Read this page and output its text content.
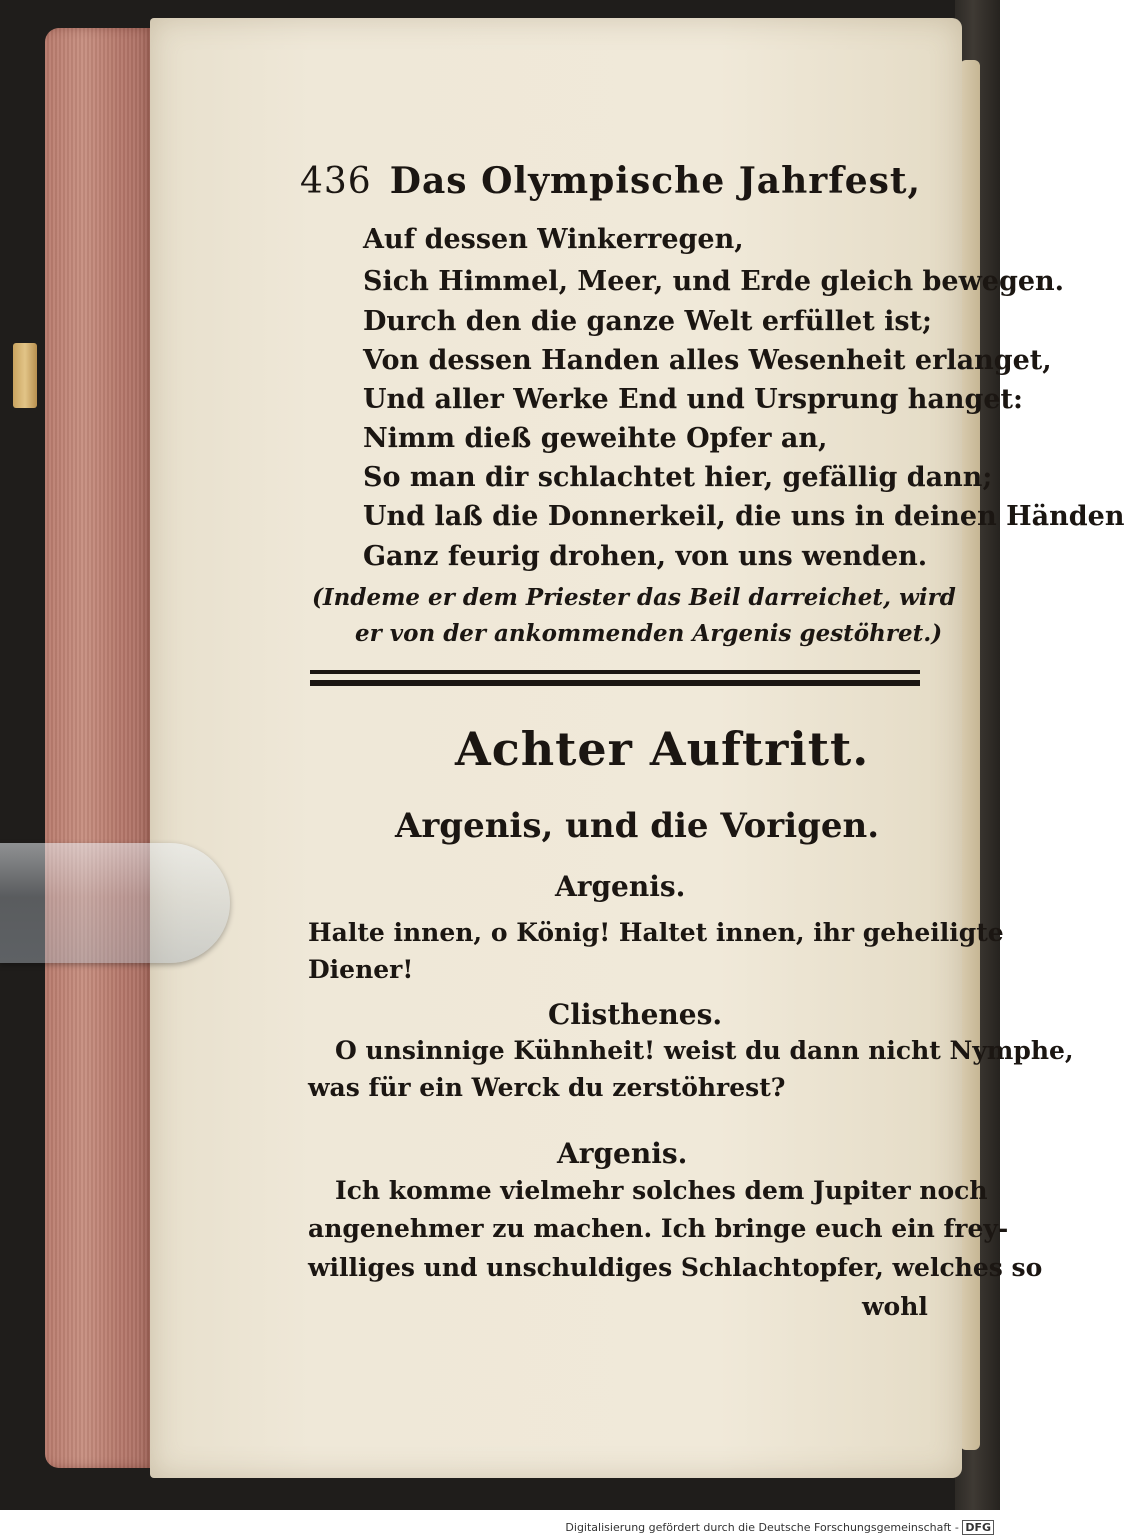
436 Das Olympische Jahrfest,
Auf dessen Winkerregen,
Sich Himmel, Meer, und Erde gleich bewegen.
Durch den die ganze Welt erfüllet ist;
Von dessen Handen alles Wesenheit erlanget,
Und aller Werke End und Ursprung hanget:
Nimm dieß geweihte Opfer an,
So man dir schlachtet hier, gefällig dann;
Und laß die Donnerkeil, die uns in deinen Händen
Ganz feurig drohen, von uns wenden.
(Indeme er dem Priester das Beil darreichet, wird
er von der ankommenden Argenis gestöhret.)
Achter Auftritt.
Argenis, und die Vorigen.
Argenis.
Halte innen, o König! Haltet innen, ihr geheiligte
Diener!
Clisthenes.
O unsinnige Kühnheit! weist du dann nicht Nymphe,
was für ein Werck du zerstöhrest?
Argenis.
Ich komme vielmehr solches dem Jupiter noch
angenehmer zu machen. Ich bringe euch ein frey-
williges und unschuldiges Schlachtopfer, welches so
wohl
Digitalisierung gefördert durch die Deutsche Forschungsgemeinschaft - DFG
